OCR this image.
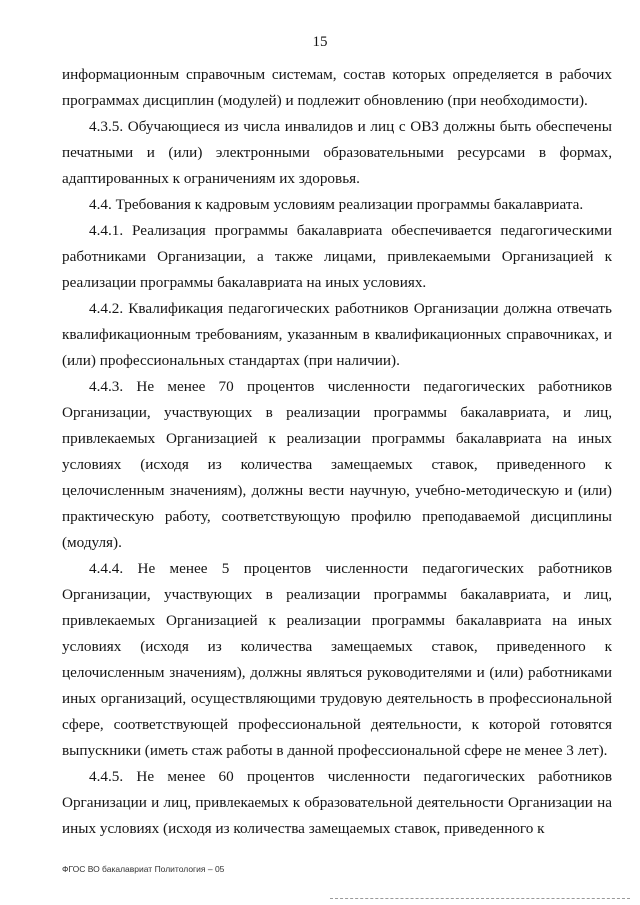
15

информационным справочным системам, состав которых определяется в рабочих программах дисциплин (модулей) и подлежит обновлению (при необходимости).

4.3.5. Обучающиеся из числа инвалидов и лиц с ОВЗ должны быть обеспечены печатными и (или) электронными образовательными ресурсами в формах, адаптированных к ограничениям их здоровья.

4.4. Требования к кадровым условиям реализации программы бакалавриата.

4.4.1. Реализация программы бакалавриата обеспечивается педагогическими работниками Организации, а также лицами, привлекаемыми Организацией к реализации программы бакалавриата на иных условиях.

4.4.2. Квалификация педагогических работников Организации должна отвечать квалификационным требованиям, указанным в квалификационных справочниках, и (или) профессиональных стандартах (при наличии).

4.4.3. Не менее 70 процентов численности педагогических работников Организации, участвующих в реализации программы бакалавриата, и лиц, привлекаемых Организацией к реализации программы бакалавриата на иных условиях (исходя из количества замещаемых ставок, приведенного к целочисленным значениям), должны вести научную, учебно-методическую и (или) практическую работу, соответствующую профилю преподаваемой дисциплины (модуля).

4.4.4. Не менее 5 процентов численности педагогических работников Организации, участвующих в реализации программы бакалавриата, и лиц, привлекаемых Организацией к реализации программы бакалавриата на иных условиях (исходя из количества замещаемых ставок, приведенного к целочисленным значениям), должны являться руководителями и (или) работниками иных организаций, осуществляющими трудовую деятельность в профессиональной сфере, соответствующей профессиональной деятельности, к которой готовятся выпускники (иметь стаж работы в данной профессиональной сфере не менее 3 лет).

4.4.5. Не менее 60 процентов численности педагогических работников Организации и лиц, привлекаемых к образовательной деятельности Организации на иных условиях (исходя из количества замещаемых ставок, приведенного к

ФГОС ВО бакалавриат Политология – 05
